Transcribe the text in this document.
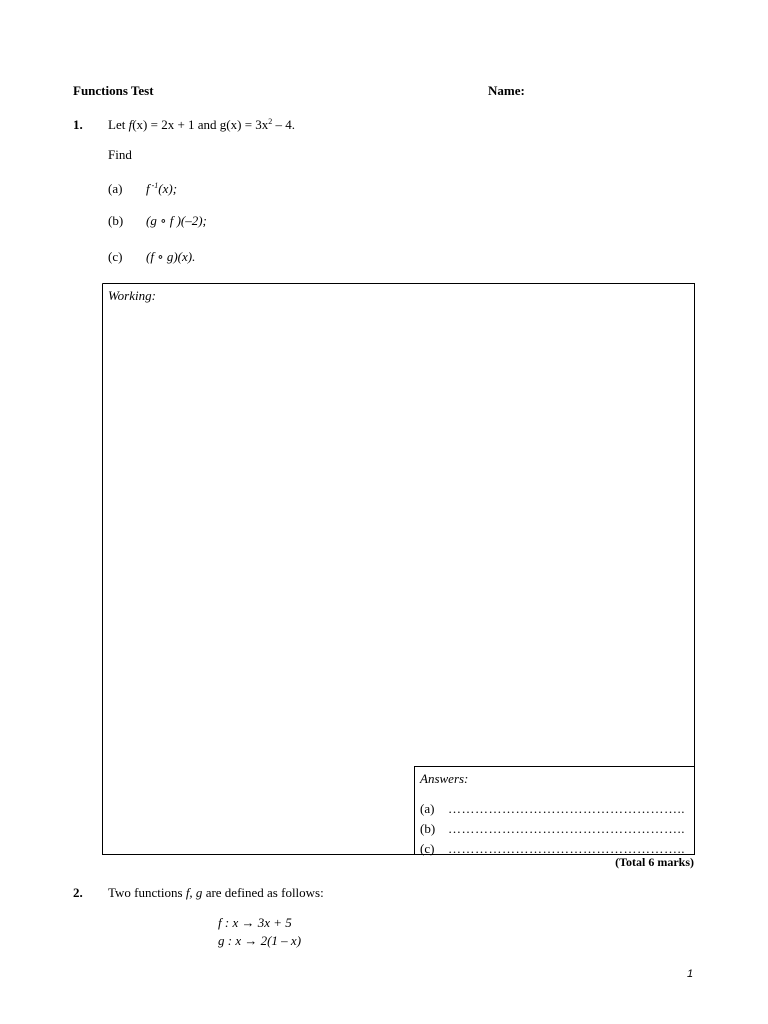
Functions Test	Name:
1. Let f(x) = 2x + 1 and $g(x) = 3x^2 - 4$.
Find
(a) f $^{-1}$(x);
(b) (g ∘ f )(–2);
(c) (f ∘ g)(x).
Working:
Answers:
(a) ……………………………………………..
(b) ……………………………………………..
(c) ……………………………………………..
(Total 6 marks)
2. Two functions f, g are defined as follows:
f : x → 3x + 5
g : x → 2(1 – x)
1
